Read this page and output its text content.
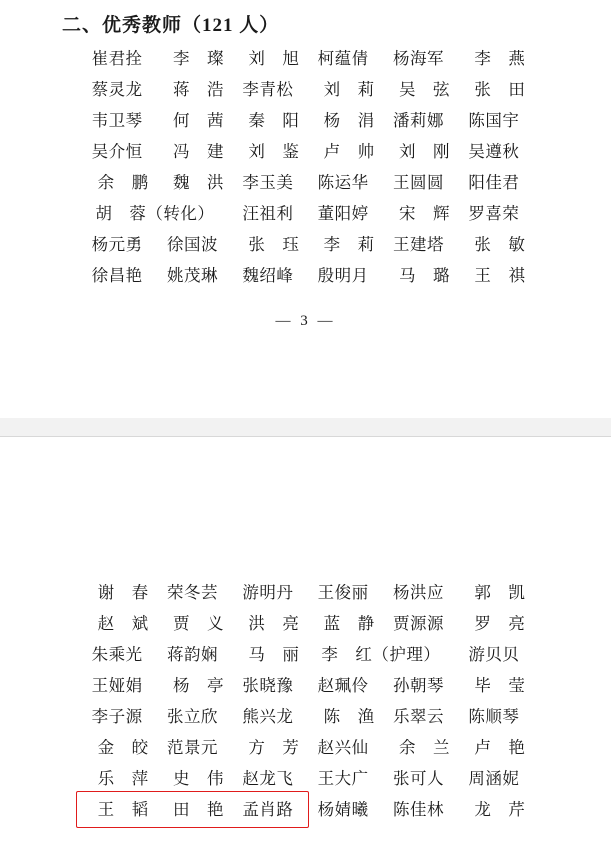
二、优秀教师（121 人）
崔君拴	李　璨	刘　旭	柯蕴倩	杨海军	李　燕
蔡灵龙	蒋　浩	李青松	刘　莉	吴　弦	张　田
韦卫琴	何　茜	秦　阳	杨　涓	潘莉娜	陈国宇
吴介恒	冯　建	刘　鉴	卢　帅	刘　刚	吴遵秋
余　鹏	魏　洪	李玉美	陈运华	王圆圆	阳佳君
胡　蓉（转化）		汪祖利	董阳婷	宋　辉	罗喜荣
杨元勇	徐国波	张　珏	李　莉	王建塔	张　敏
徐昌艳	姚茂琳	魏绍峰	殷明月	马　璐	王　祺
— 3 —
谢　春	荣冬芸	游明丹	王俊丽	杨洪应	郭　凯
赵　斌	贾　义	洪　亮	蓝　静	贾源源	罗　亮
朱乘光	蒋韵娴	马　丽	李　红（护理）		游贝贝
王娅娟	杨　亭	张晓豫	赵珮伶	孙朝琴	毕　莹
李子源	张立欣	熊兴龙	陈　渔	乐翠云	陈顺琴
金　皎	范景元	方　芳	赵兴仙	余　兰	卢　艳
乐　萍	史　伟	赵龙飞	王大广	张可人	周涵妮
王　韬	田　艳	孟肖路	杨婧曦	陈佳林	龙　芹
